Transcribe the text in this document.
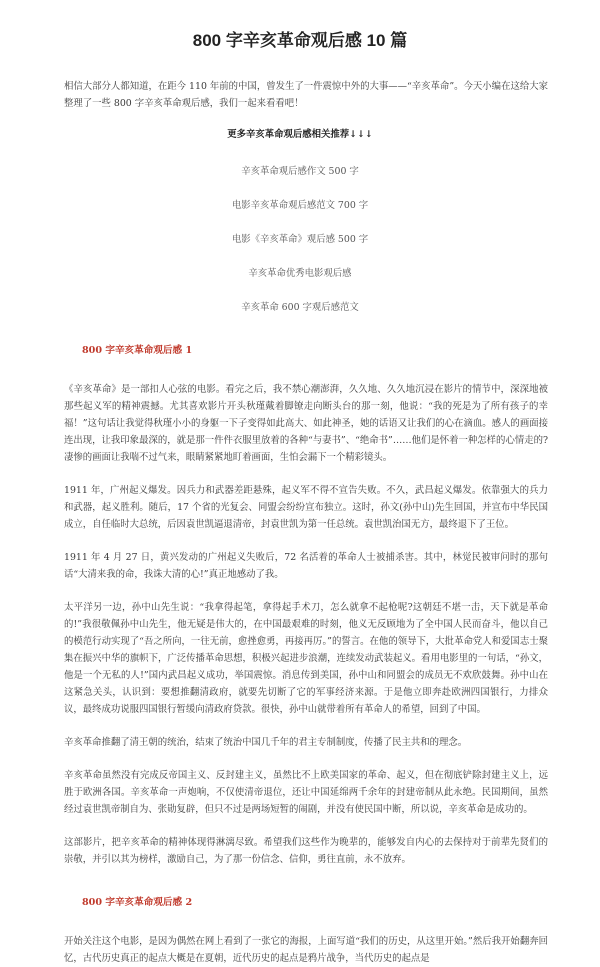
800 字辛亥革命观后感 10 篇

相信大部分人都知道，在距今 110 年前的中国，曾发生了一件震惊中外的大事——“辛亥革命”。今天小编在这给大家整理了一些 800 字辛亥革命观后感，我们一起来看看吧！

更多辛亥革命观后感相关推荐↓↓↓
辛亥革命观后感作文 500 字
电影辛亥革命观后感范文 700 字
电影《辛亥革命》观后感 500 字
辛亥革命优秀电影观后感
辛亥革命 600 字观后感范文
800 字辛亥革命观后感 1

《辛亥革命》是一部扣人心弦的电影。看完之后，我不禁心潮澎湃，久久地、久久地沉浸在影片的情节中，深深地被那些起义军的精神震撼。尤其喜欢影片开头秋瑾戴着脚镣走向断头台的那一刻，他说：“我的死是为了所有孩子的幸福！”这句话让我觉得秋瑾小小的身躯一下子变得如此高大、如此神圣，她的话语又让我们的心在滴血。感人的画面接连出现，让我印象最深的，就是那一件件衣服里放着的各种“与妻书”、“绝命书”……他们是怀着一种怎样的心情走的?凄惨的画面让我喘不过气来，眼睛紧紧地盯着画面，生怕会漏下一个精彩镜头。

1911 年，广州起义爆发。因兵力和武器差距悬殊，起义军不得不宣告失败。不久，武昌起义爆发。依靠强大的兵力和武器，起义胜利。随后，17 个省的光复会、同盟会纷纷宣布独立。这时，孙文(孙中山)先生回国，并宣布中华民国成立，自任临时大总统，后因袁世凯逼退清帝，封袁世凯为第一任总统。袁世凯治国无方，最终退下了王位。

1911 年 4 月 27 日，黄兴发动的广州起义失败后，72 名活着的革命人士被捕杀害。其中，林觉民被审问时的那句话“大清来我的命，我诛大清的心!”真正地感动了我。

太平洋另一边，孙中山先生说：“我拿得起笔，拿得起手术刀，怎么就拿不起枪呢?这朝廷不堪一击，天下就是革命的!”我很敬佩孙中山先生，他无疑是伟大的，在中国最艰难的时刻，他义无反顾地为了全中国人民而奋斗，他以自己的模范行动实现了“吾之所向，一往无前，愈挫愈勇，再接再厉。”的誓言。在他的领导下，大批革命党人和爱国志士聚集在振兴中华的旗帜下，广泛传播革命思想，积极兴起进步浪潮，连续发动武装起义。看用电影里的一句话，“孙文，他是一个无私的人!”国内武昌起义成功，举国震惊。消息传到美国，孙中山和同盟会的成员无不欢欣鼓舞。孙中山在这紧急关头，认识到：要想推翻清政府，就要先切断了它的军事经济来源。于是他立即奔赴欧洲四国银行，力排众议，最终成功说服四国银行暂缓向清政府贷款。很快，孙中山就带着所有革命人的希望，回到了中国。

辛亥革命推翻了清王朝的统治，结束了统治中国几千年的君主专制制度，传播了民主共和的理念。

辛亥革命虽然没有完成反帝国主义、反封建主义，虽然比不上欧美国家的革命、起义，但在彻底铲除封建主义上，远胜于欧洲各国。辛亥革命一声炮响，不仅使清帝退位，还让中国延绵两千余年的封建帝制从此永绝。民国期间，虽然经过袁世凯帝制自为、张勋复辟，但只不过是两场短暂的闹剧，并没有使民国中断，所以说，辛亥革命是成功的。

这部影片，把辛亥革命的精神体现得淋漓尽致。希望我们这些作为晚辈的，能够发自内心的去保持对于前辈先贤们的崇敬，并引以其为榜样，激励自己，为了那一份信念、信仰，勇往直前，永不放弃。

800 字辛亥革命观后感 2

开始关注这个电影，是因为偶然在网上看到了一张它的海报，上面写道“我们的历史，从这里开始。”然后我开始翻奔回忆，古代历史真正的起点大概是在夏朝，近代历史的起点是鸦片战争，当代历史的起点是
